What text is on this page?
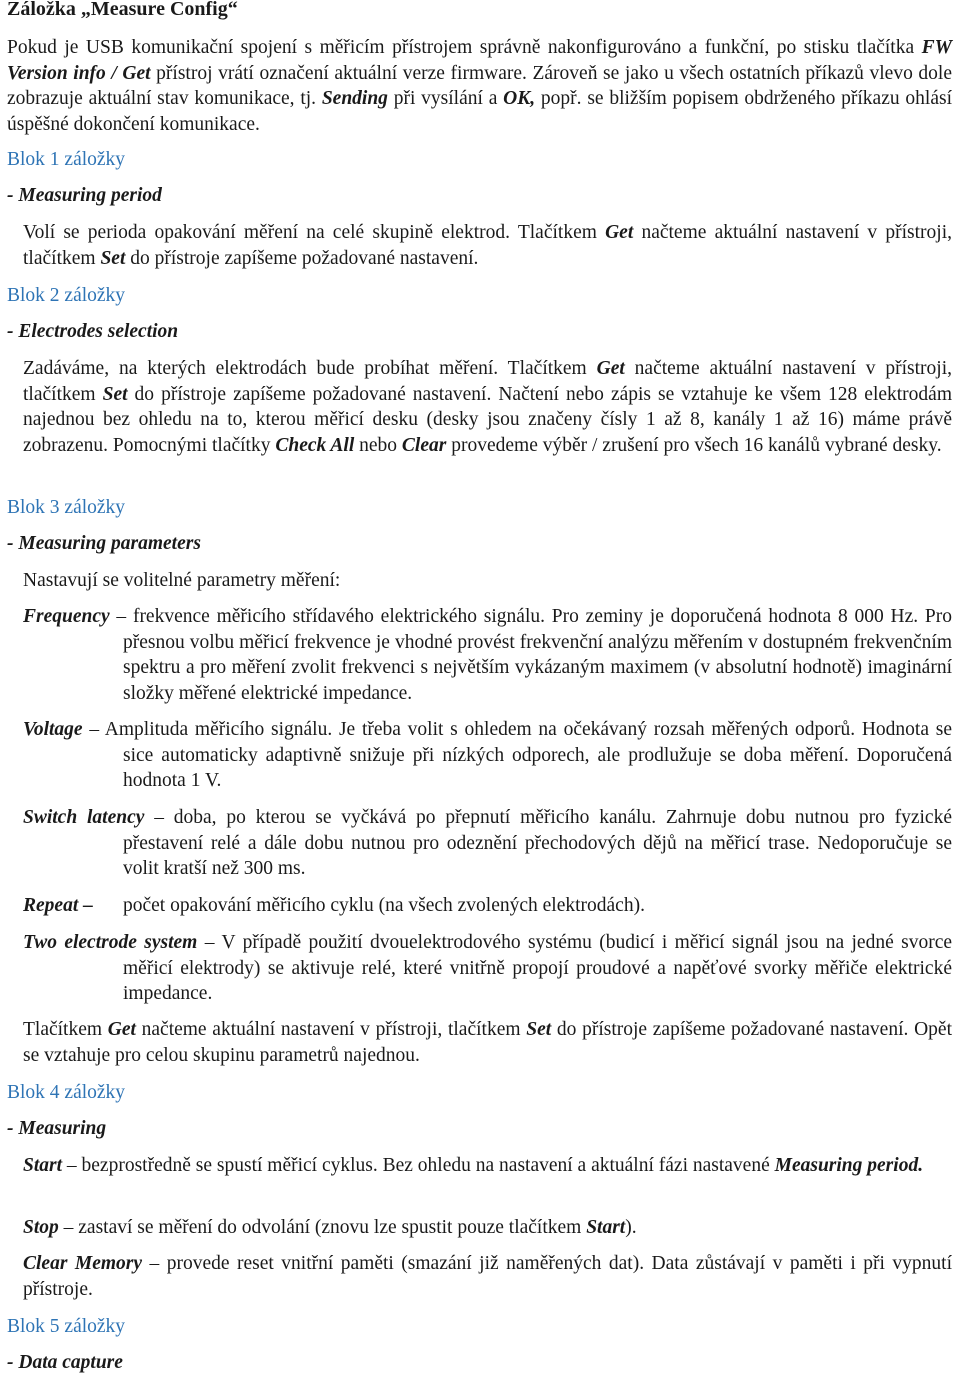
Záložka „Measure Config“
Pokud je USB komunikační spojení s měřicím přístrojem správně nakonfigurováno a funkční, po stisku tlačítka FW Version info / Get přístroj vrátí označení aktuální verze firmware. Zároveň se jako u všech ostatních příkazů vlevo dole zobrazuje aktuální stav komunikace, tj. Sending při vysílání a OK, popř. se bližším popisem obdrženého příkazu ohlásí úspěšné dokončení komunikace.
Blok 1 záložky
- Measuring period
Volí se perioda opakování měření na celé skupině elektrod. Tlačítkem Get načteme aktuální nastavení v přístroji, tlačítkem Set do přístroje zapíšeme požadované nastavení.
Blok 2 záložky
- Electrodes selection
Zadáváme, na kterých elektrodách bude probíhat měření. Tlačítkem Get načteme aktuální nastavení v přístroji, tlačítkem Set do přístroje zapíšeme požadované nastavení. Načtení nebo zápis se vztahuje ke všem 128 elektrodám najednou bez ohledu na to, kterou měřicí desku (desky jsou značeny čísly 1 až 8, kanály 1 až 16) máme právě zobrazenu. Pomocnými tlačítky Check All nebo Clear provedeme výběr / zrušení pro všech 16 kanálů vybrané desky.
Blok 3 záložky
- Measuring parameters
Nastavují se volitelné parametry měření:
Frequency – frekvence měřicího střídavého elektrického signálu. Pro zeminy je doporučená hodnota 8 000 Hz. Pro přesnou volbu měřicí frekvence je vhodné provést frekvenční analýzu měřením v dostupném frekvenčním spektru a pro měření zvolit frekvenci s největším vykázaným maximem (v absolutní hodnotě) imaginární složky měřené elektrické impedance.
Voltage – Amplituda měřicího signálu. Je třeba volit s ohledem na očekávaný rozsah měřených odporů. Hodnota se sice automaticky adaptivně snižuje při nízkých odporech, ale prodlužuje se doba měření. Doporučená hodnota 1 V.
Switch latency – doba, po kterou se vyčkává po přepnutí měřicího kanálu. Zahrnuje dobu nutnou pro fyzické přestavení relé a dále dobu nutnou pro odeznění přechodových dějů na měřicí trase. Nedoporučuje se volit kratší než 300 ms.
Repeat – počet opakování měřicího cyklu (na všech zvolených elektrodách).
Two electrode system – V případě použití dvouelektrodového systému (budicí i měřicí signál jsou na jedné svorce měřicí elektrody) se aktivuje relé, které vnitřně propojí proudové a napěťové svorky měřiče elektrické impedance.
Tlačítkem Get načteme aktuální nastavení v přístroji, tlačítkem Set do přístroje zapíšeme požadované nastavení. Opět se vztahuje pro celou skupinu parametrů najednou.
Blok 4 záložky
- Measuring
Start – bezprostředně se spustí měřicí cyklus. Bez ohledu na nastavení a aktuální fázi nastavené Measuring period.
Stop – zastaví se měření do odvolání (znovu lze spustit pouze tlačítkem Start).
Clear Memory – provede reset vnitřní paměti (smazání již naměřených dat). Data zůstávají v paměti i při vypnutí přístroje.
Blok 5 záložky
- Data capture
